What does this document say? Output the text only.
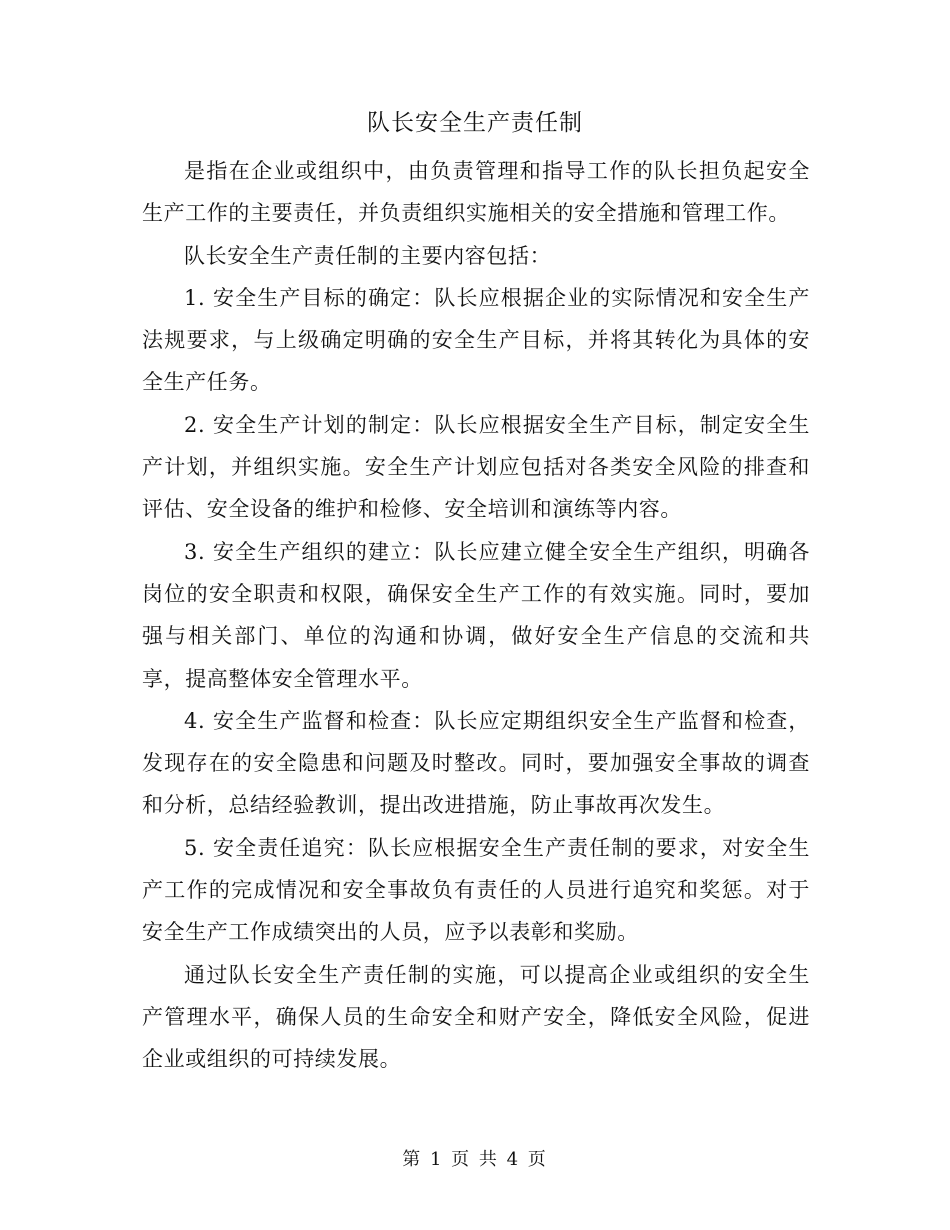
队长安全生产责任制

是指在企业或组织中，由负责管理和指导工作的队长担负起安全生产工作的主要责任，并负责组织实施相关的安全措施和管理工作。

队长安全生产责任制的主要内容包括：

1. 安全生产目标的确定：队长应根据企业的实际情况和安全生产法规要求，与上级确定明确的安全生产目标，并将其转化为具体的安全生产任务。

2. 安全生产计划的制定：队长应根据安全生产目标，制定安全生产计划，并组织实施。安全生产计划应包括对各类安全风险的排查和评估、安全设备的维护和检修、安全培训和演练等内容。

3. 安全生产组织的建立：队长应建立健全安全生产组织，明确各岗位的安全职责和权限，确保安全生产工作的有效实施。同时，要加强与相关部门、单位的沟通和协调，做好安全生产信息的交流和共享，提高整体安全管理水平。

4. 安全生产监督和检查：队长应定期组织安全生产监督和检查，发现存在的安全隐患和问题及时整改。同时，要加强安全事故的调查和分析，总结经验教训，提出改进措施，防止事故再次发生。

5. 安全责任追究：队长应根据安全生产责任制的要求，对安全生产工作的完成情况和安全事故负有责任的人员进行追究和奖惩。对于安全生产工作成绩突出的人员，应予以表彰和奖励。

通过队长安全生产责任制的实施，可以提高企业或组织的安全生产管理水平，确保人员的生命安全和财产安全，降低安全风险，促进企业或组织的可持续发展。

第 1 页 共 4 页
